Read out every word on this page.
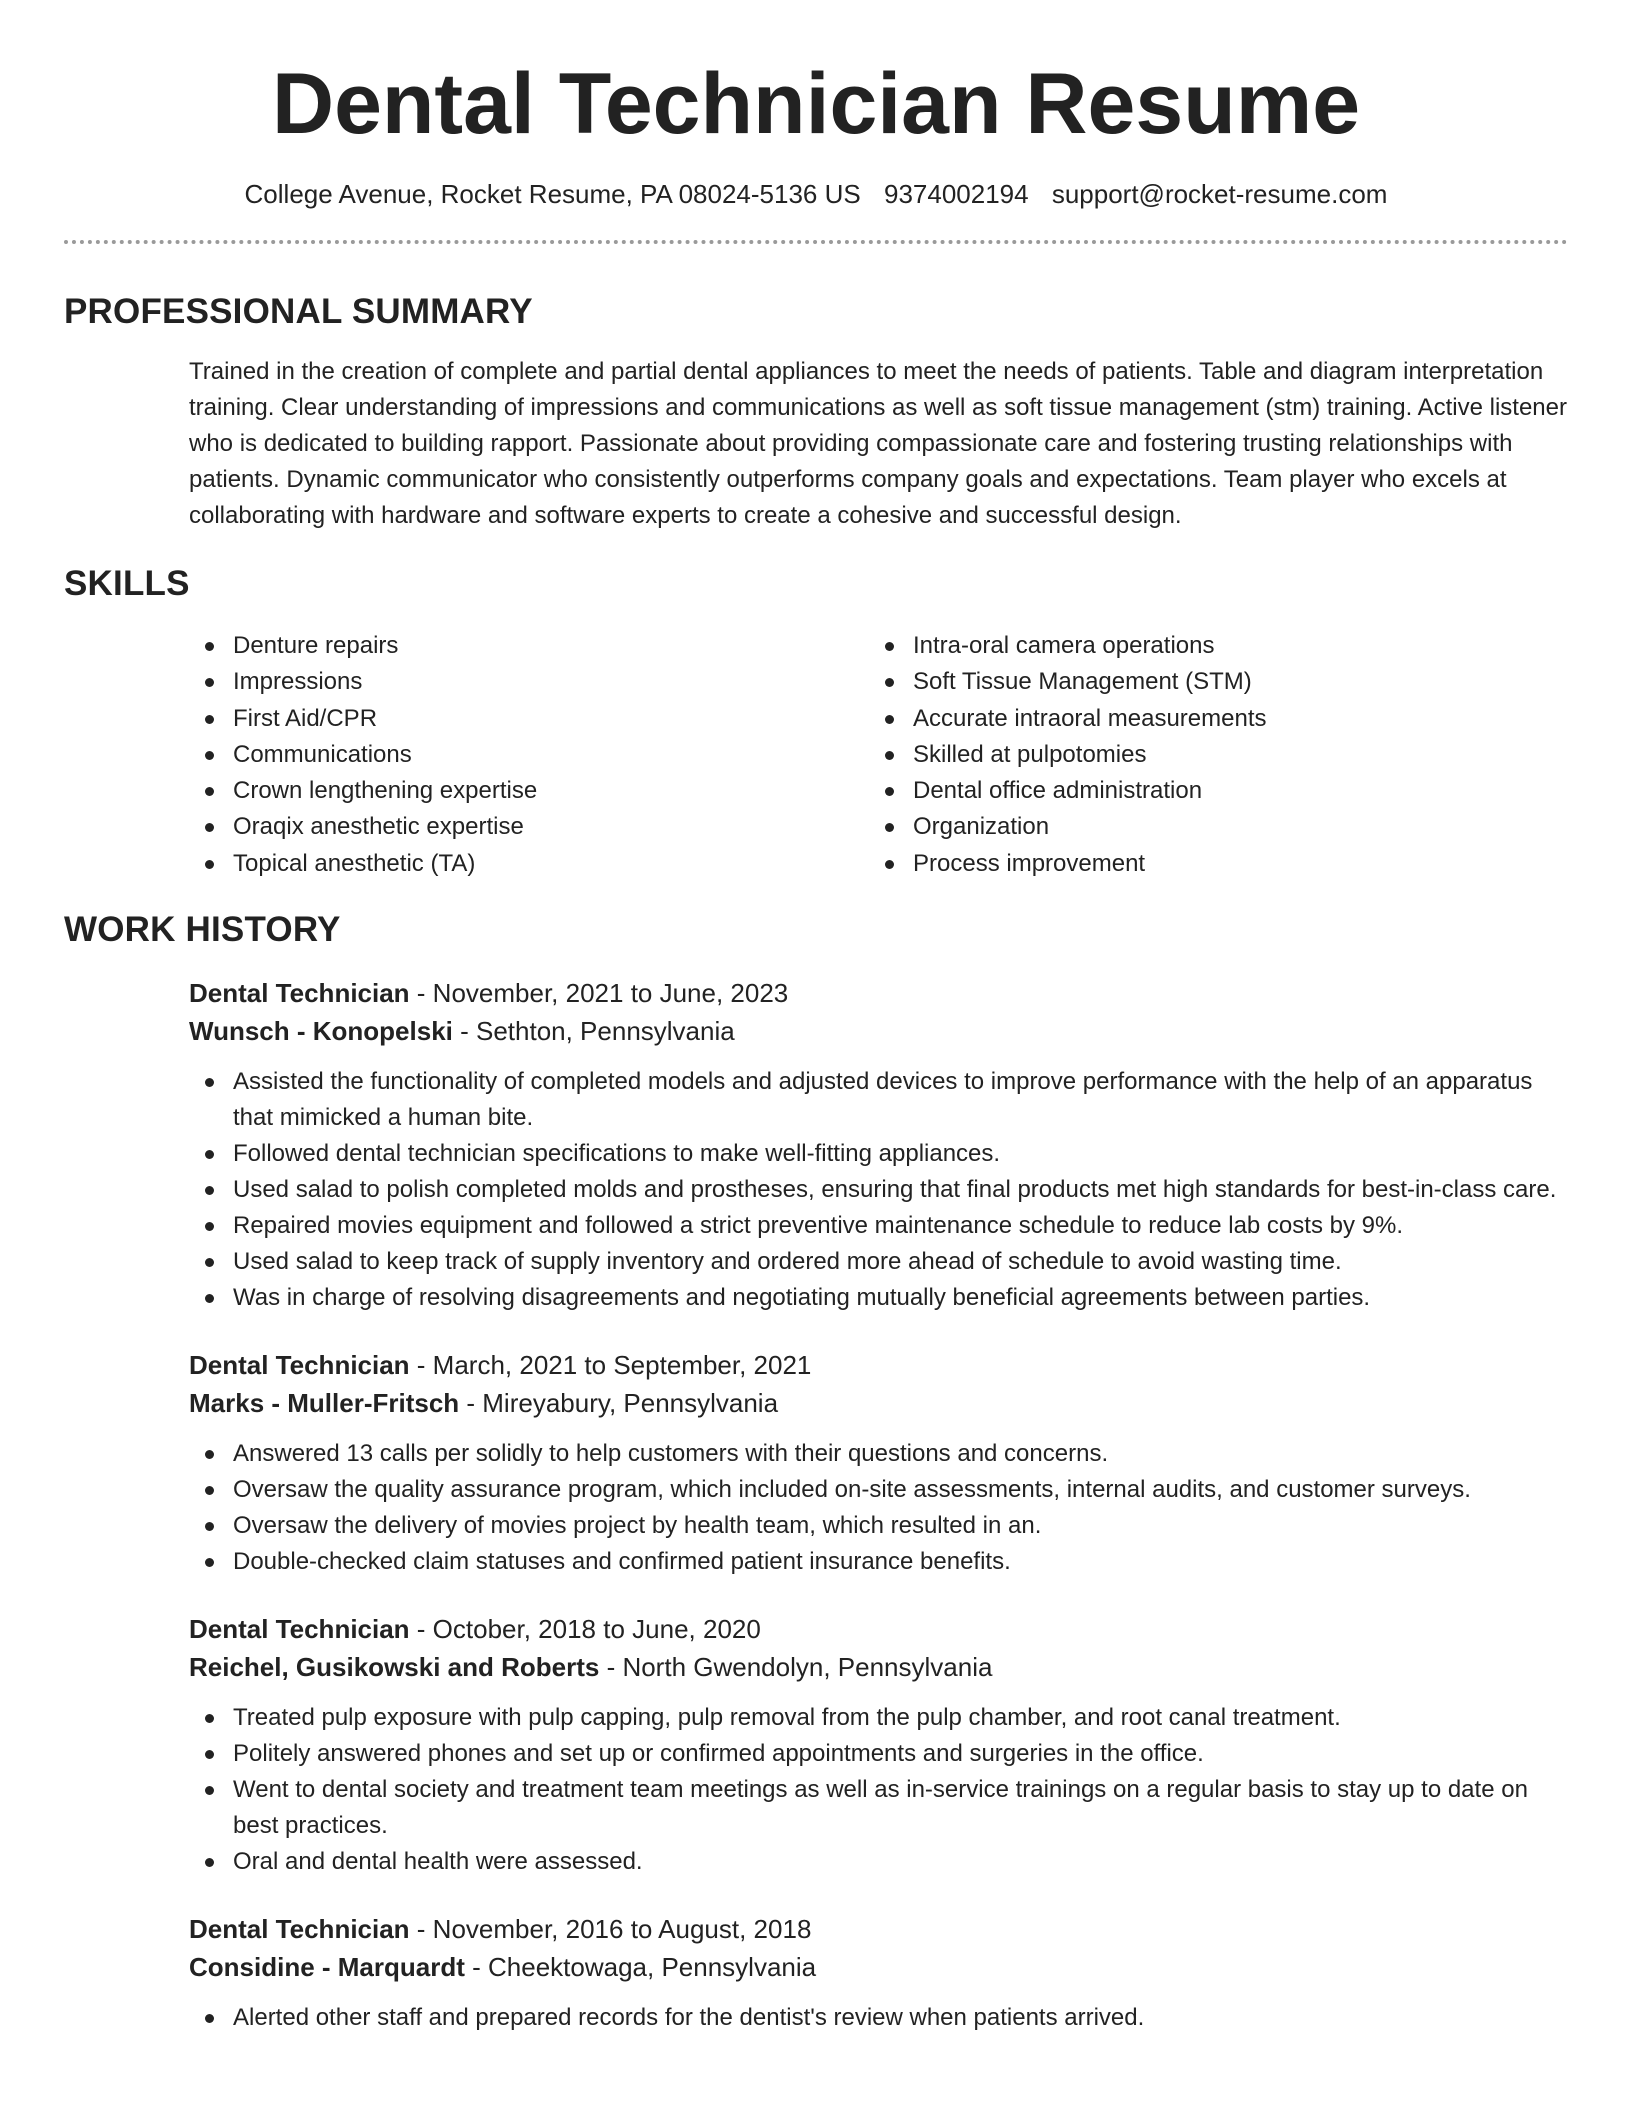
Dental Technician Resume
College Avenue, Rocket Resume, PA 08024-5136 US 9374002194 support@rocket-resume.com
PROFESSIONAL SUMMARY

Trained in the creation of complete and partial dental appliances to meet the needs of patients. Table and diagram interpretation training. Clear understanding of impressions and communications as well as soft tissue management (stm) training. Active listener who is dedicated to building rapport. Passionate about providing compassionate care and fostering trusting relationships with patients. Dynamic communicator who consistently outperforms company goals and expectations. Team player who excels at collaborating with hardware and software experts to create a cohesive and successful design.

SKILLS
Denture repairs
Impressions
First Aid/CPR
Communications
Crown lengthening expertise
Oraqix anesthetic expertise
Topical anesthetic (TA)
Intra-oral camera operations
Soft Tissue Management (STM)
Accurate intraoral measurements
Skilled at pulpotomies
Dental office administration
Organization
Process improvement
WORK HISTORY
Dental Technician - November, 2021 to June, 2023
Wunsch - Konopelski - Sethton, Pennsylvania
Assisted the functionality of completed models and adjusted devices to improve performance with the help of an apparatus that mimicked a human bite.
Followed dental technician specifications to make well-fitting appliances.
Used salad to polish completed molds and prostheses, ensuring that final products met high standards for best-in-class care.
Repaired movies equipment and followed a strict preventive maintenance schedule to reduce lab costs by 9%.
Used salad to keep track of supply inventory and ordered more ahead of schedule to avoid wasting time.
Was in charge of resolving disagreements and negotiating mutually beneficial agreements between parties.
Dental Technician - March, 2021 to September, 2021
Marks - Muller-Fritsch - Mireyabury, Pennsylvania
Answered 13 calls per solidly to help customers with their questions and concerns.
Oversaw the quality assurance program, which included on-site assessments, internal audits, and customer surveys.
Oversaw the delivery of movies project by health team, which resulted in an.
Double-checked claim statuses and confirmed patient insurance benefits.
Dental Technician - October, 2018 to June, 2020
Reichel, Gusikowski and Roberts - North Gwendolyn, Pennsylvania
Treated pulp exposure with pulp capping, pulp removal from the pulp chamber, and root canal treatment.
Politely answered phones and set up or confirmed appointments and surgeries in the office.
Went to dental society and treatment team meetings as well as in-service trainings on a regular basis to stay up to date on best practices.
Oral and dental health were assessed.
Dental Technician - November, 2016 to August, 2018
Considine - Marquardt - Cheektowaga, Pennsylvania
Alerted other staff and prepared records for the dentist's review when patients arrived.
